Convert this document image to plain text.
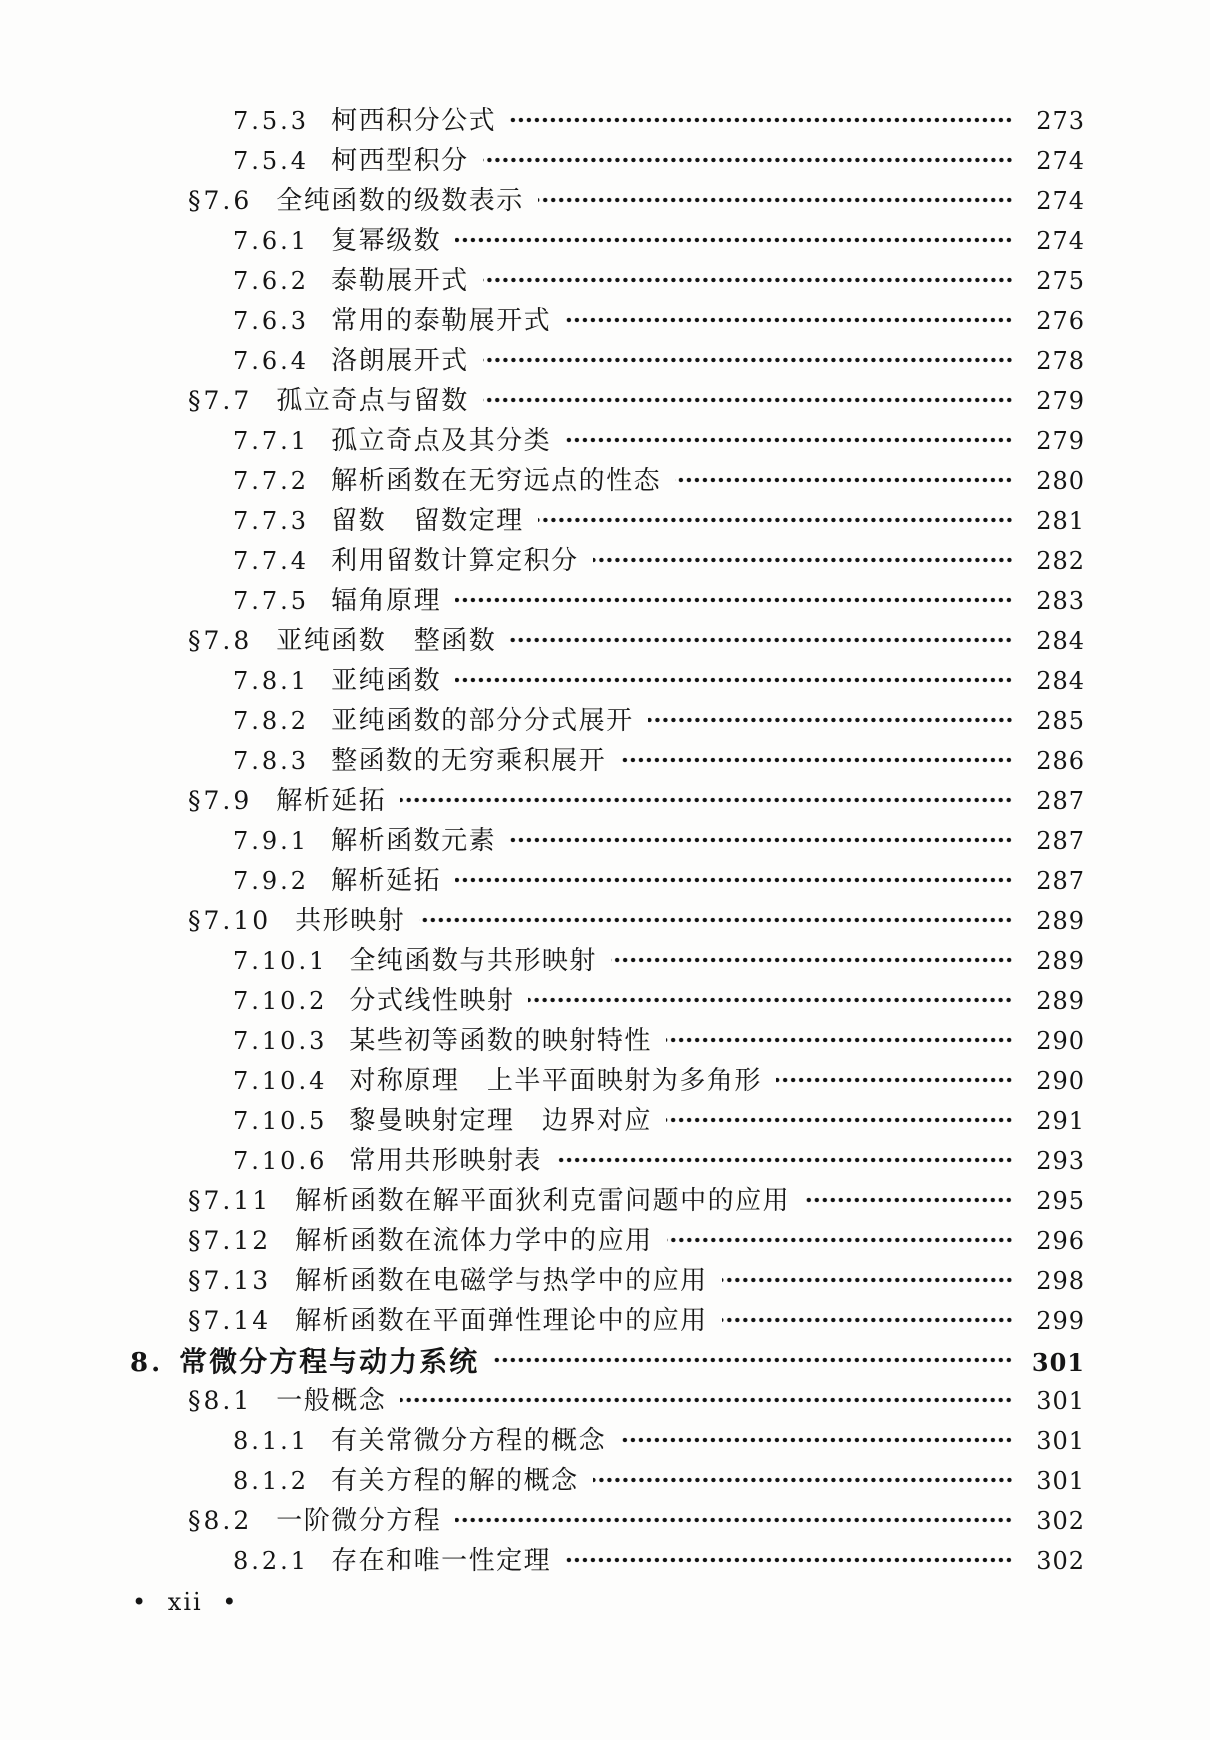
7.5.3 柯西积分公式	273
7.5.4 柯西型积分	274
§7.6 全纯函数的级数表示	274
7.6.1 复幂级数	274
7.6.2 泰勒展开式	275
7.6.3 常用的泰勒展开式	276
7.6.4 洛朗展开式	278
§7.7 孤立奇点与留数	279
7.7.1 孤立奇点及其分类	279
7.7.2 解析函数在无穷远点的性态	280
7.7.3 留数　留数定理	281
7.7.4 利用留数计算定积分	282
7.7.5 辐角原理	283
§7.8 亚纯函数　整函数	284
7.8.1 亚纯函数	284
7.8.2 亚纯函数的部分分式展开	285
7.8.3 整函数的无穷乘积展开	286
§7.9 解析延拓	287
7.9.1 解析函数元素	287
7.9.2 解析延拓	287
§7.10 共形映射	289
7.10.1 全纯函数与共形映射	289
7.10.2 分式线性映射	289
7.10.3 某些初等函数的映射特性	290
7.10.4 对称原理　上半平面映射为多角形	290
7.10.5 黎曼映射定理　边界对应	291
7.10.6 常用共形映射表	293
§7.11 解析函数在解平面狄利克雷问题中的应用	295
§7.12 解析函数在流体力学中的应用	296
§7.13 解析函数在电磁学与热学中的应用	298
§7.14 解析函数在平面弹性理论中的应用	299
8. 常微分方程与动力系统	301
§8.1 一般概念	301
8.1.1 有关常微分方程的概念	301
8.1.2 有关方程的解的概念	301
§8.2 一阶微分方程	302
8.2.1 存在和唯一性定理	302
• xii •
